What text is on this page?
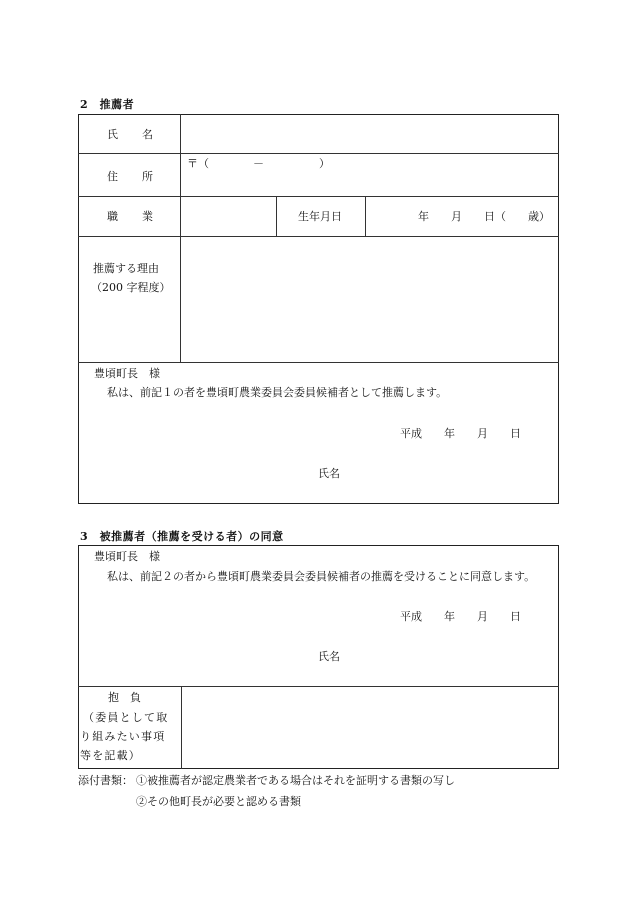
2　推薦者
氏 名
住 所
〒（　　　　－　　　　　）
職 業	生年月日	年　　月　　日（　　歳）
推薦する理由
（200 字程度）
豊頃町長　様
私は、前記１の者を豊頃町農業委員会委員候補者として推薦します。
平成　　年　　月　　日
氏名
3　被推薦者（推薦を受ける者）の同意
豊頃町長　様
私は、前記２の者から豊頃町農業委員会委員候補者の推薦を受けることに同意します。
平成　　年　　月　　日
氏名
抱　負
（委員として取
り組みたい事項
等を記載）
添付書類： ①被推薦者が認定農業者である場合はそれを証明する書類の写し
②その他町長が必要と認める書類
